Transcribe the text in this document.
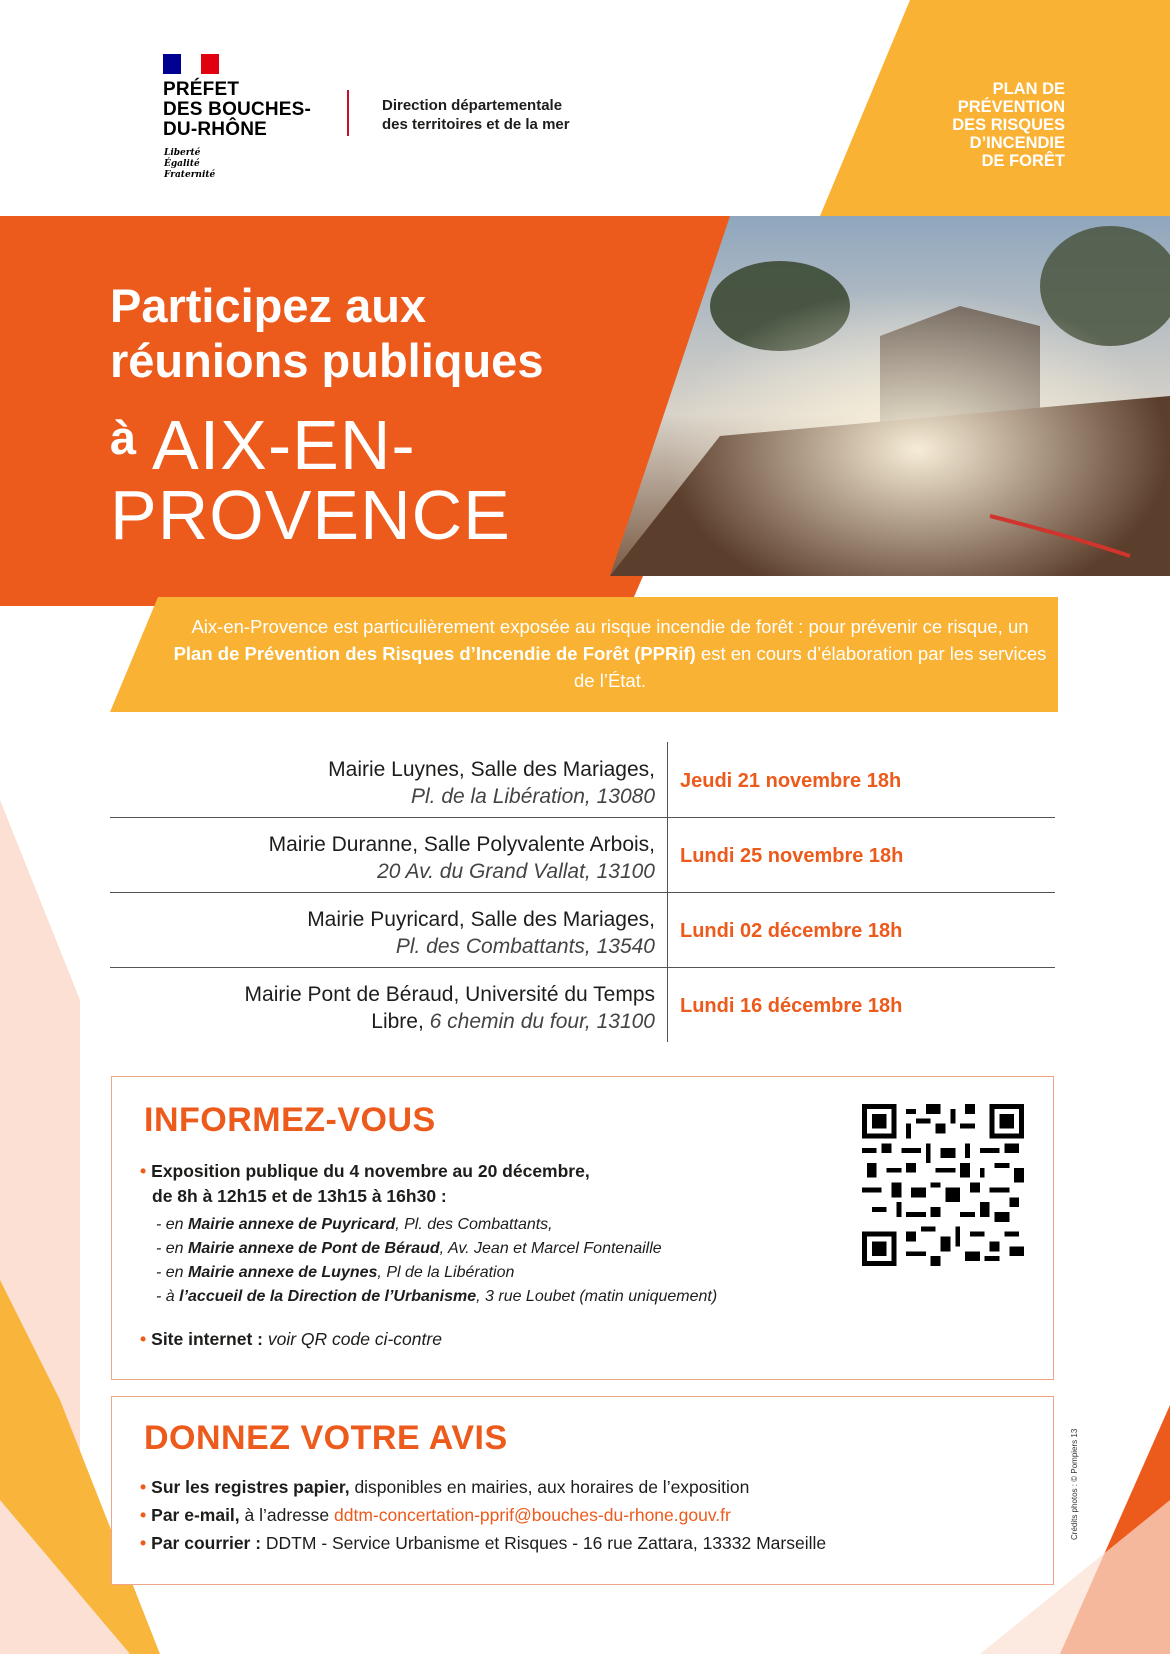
PRÉFET
DES BOUCHES-
DU-RHÔNE
Liberté
Égalité
Fraternité
Direction départementale
des territoires et de la mer
PLAN DE
PRÉVENTION
DES RISQUES
D’INCENDIE
DE FORÊT
Participez aux
réunions publiques
à AIX-EN-
PROVENCE
Aix-en-Provence est particulièrement exposée au risque incendie de forêt : pour prévenir ce risque, un Plan de Prévention des Risques d’Incendie de Forêt (PPRif) est en cours d’élaboration par les services de l’État.
Mairie Luynes, Salle des Mariages,
Pl. de la Libération, 13080
Jeudi 21 novembre 18h
Mairie Duranne, Salle Polyvalente Arbois,
20 Av. du Grand Vallat, 13100
Lundi 25 novembre 18h
Mairie Puyricard, Salle des Mariages,
Pl. des Combattants, 13540
Lundi 02 décembre 18h
Mairie Pont de Béraud, Université du Temps
Libre, 6 chemin du four, 13100
Lundi 16 décembre 18h
INFORMEZ-VOUS
• Exposition publique du 4 novembre au 20 décembre,
de 8h à 12h15 et de 13h15 à 16h30 :
- en Mairie annexe de Puyricard, Pl. des Combattants,
- en Mairie annexe de Pont de Béraud, Av. Jean et Marcel Fontenaille
- en Mairie annexe de Luynes, Pl de la Libération
- à l’accueil de la Direction de l’Urbanisme, 3 rue Loubet (matin uniquement)
• Site internet : voir QR code ci-contre
DONNEZ VOTRE AVIS
• Sur les registres papier, disponibles en mairies, aux horaires de l’exposition
• Par e-mail, à l’adresse ddtm-concertation-pprif@bouches-du-rhone.gouv.fr
• Par courrier : DDTM - Service Urbanisme et Risques - 16 rue Zattara, 13332 Marseille
Crédits photos : © Pompiers 13
